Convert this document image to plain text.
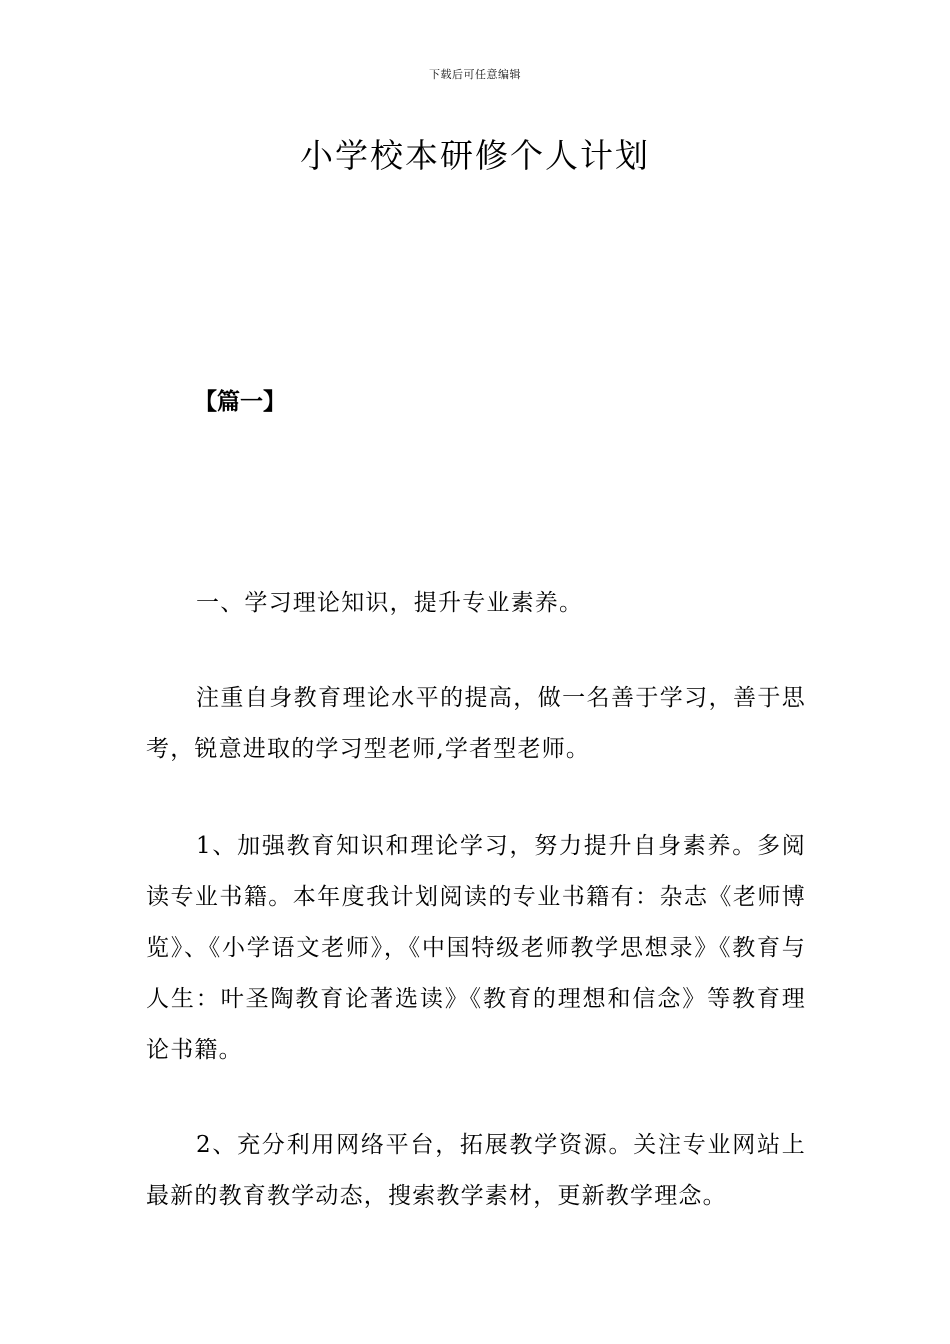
下载后可任意编辑
小学校本研修个人计划
【篇一】

一、学习理论知识，提升专业素养。

注重自身教育理论水平的提高，做一名善于学习，善于思考，锐意进取的学习型老师,学者型老师。

1、加强教育知识和理论学习，努力提升自身素养。多阅读专业书籍。本年度我计划阅读的专业书籍有：杂志《老师博览》、《小学语文老师》，《中国特级老师教学思想录》《教育与人生：叶圣陶教育论著选读》《教育的理想和信念》等教育理论书籍。

2、充分利用网络平台，拓展教学资源。关注专业网站上最新的教育教学动态，搜索教学素材，更新教学理念。
